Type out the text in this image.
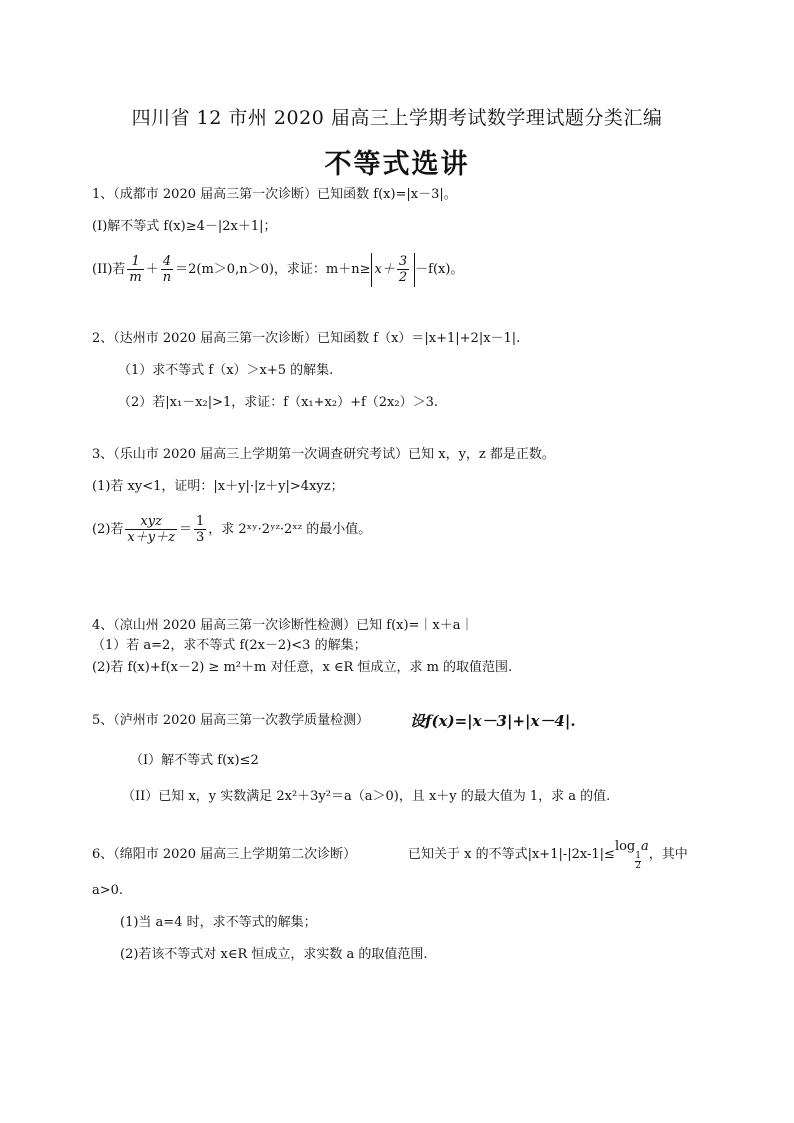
四川省 12 市州 2020 届高三上学期考试数学理试题分类汇编
不等式选讲
1、（成都市 2020 届高三第一次诊断）已知函数 f(x)=|x－3|。
(I)解不等式 f(x)≥4－|2x＋1|；
(II)若 $\frac{1}{m} + \frac{4}{n} =2(m>0,n>0)$，求证：$m+n\ge x+ \frac{3}{2} -f(x)$。
2、（达州市 2020 届高三第一次诊断）已知函数 f（x）＝|x+1|+2|x－1|.
（1）求不等式 f（x）＞x+5 的解集.
（2）若|x₁－x₂|>1，求证：f（x₁+x₂）+f（2x₂）＞3.
3、（乐山市 2020 届高三上学期第一次调查研究考试）已知 x，y，z 都是正数。
(1)若 xy<1，证明：|x＋y|·|z＋y|>4xyz；
(2)若 $\frac{\text{xyz}}{x+y+z} = \frac{1}{3}$ ，求 2ˣʸ·2ʸᶻ·2ˣᶻ 的最小值。
4、（凉山州 2020 届高三第一次诊断性检测）已知 f(x)=｜x＋a｜
（1）若 a=2，求不等式 f(2x－2)<3 的解集；
(2)若 f(x)+f(x－2) ≥ m²＋m 对任意，x ∈R 恒成立，求 m 的取值范围.
5、（泸州市 2020 届高三第一次教学质量检测）	设f(x)=|x－3|+|x－4|.
（I）解不等式 f(x)≤2
（II）已知 x，y 实数满足 2x²＋3y²＝a（a＞0)，且 x＋y 的最大值为 1，求 a 的值.
6、（绵阳市 2020 届高三上学期第二次诊断）	已知关于 x 的不等式|x+1|-|2x-1|≤log
$\frac{1}{2}$
a，其中
a>0.
(1)当 a=4 时，求不等式的解集；
(2)若该不等式对 x∈R 恒成立，求实数 a 的取值范围.
